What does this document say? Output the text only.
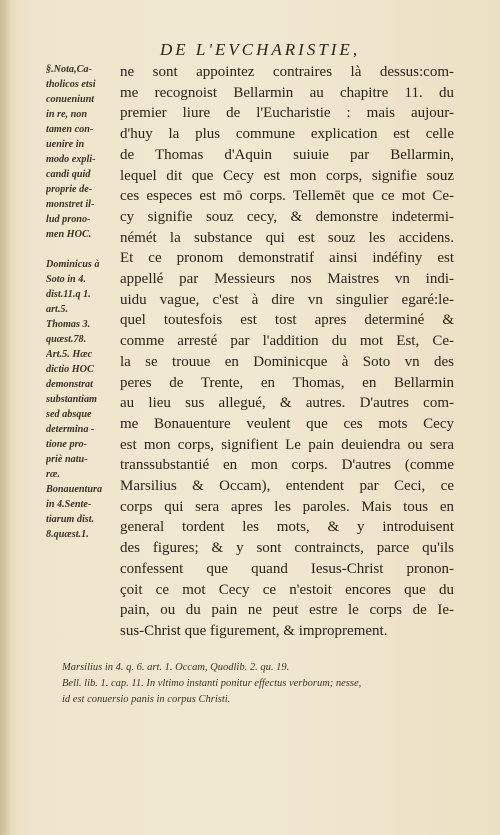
DE L'EVCHARISTIE,
§.Nota,Ca-
tholicos etsi
conueniunt
in re, non
tamen con-
uenire in
modo expli-
candi quid
proprie de-
monstret il-
lud prono-
men HOC.

Dominicus à
Soto in 4.
dist.11.q 1.
art.5.
Thomas 3.
quæst.78.
Art.5. Hæc
dictio HOC
demonstrat
substantiam
sed absque
determina -
tione pro-
priè natu-
ræ.
Bonauentura
in 4.Sente-
tiarum dist.
8.quæst.1.
ne sont appointez contraires là dessus:com-
me recognoist Bellarmin au chapitre 11. du
premier liure de l'Eucharistie : mais aujour-
d'huy la plus commune explication est celle
de Thomas d'Aquin suiuie par Bellarmin,
lequel dit que Cecy est mon corps, signifie souz
ces especes est mō corps. Tellemēt que ce mot Ce-
cy signifie souz cecy, & demonstre indetermi-
némét la substance qui est souz les accidens.
Et ce pronom demonstratif ainsi indéfiny est
appellé par Messieurs nos Maistres vn indi-
uidu vague, c'est à dire vn singulier egaré:le-
quel toutesfois est tost apres determiné &
comme arresté par l'addition du mot Est, Ce-
la se trouue en Dominicque à Soto vn des
peres de Trente, en Thomas, en Bellarmin
au lieu sus allegué, & autres. D'autres com-
me Bonauenture veulent que ces mots Cecy
est mon corps, signifient Le pain deuiendra ou sera
transsubstantié en mon corps. D'autres (comme
Marsilius & Occam), entendent par Ceci, ce
corps qui sera apres les paroles. Mais tous en
general tordent les mots, & y introduisent
des figures; & y sont contraincts, parce qu'ils
confessent que quand Iesus-Christ pronon-
çoit ce mot Cecy ce n'estoit encores que du
pain, ou du pain ne peut estre le corps de Ie-
sus-Christ que figurement, & improprement.
Marsilius in 4. q. 6. art. 1. Occam, Quodlib. 2. qu. 19.
Bell. lib. 1. cap. 11. In vltimo instanti ponitur effectus verborum; nesse,
id est conuersio panis in corpus Christi.
